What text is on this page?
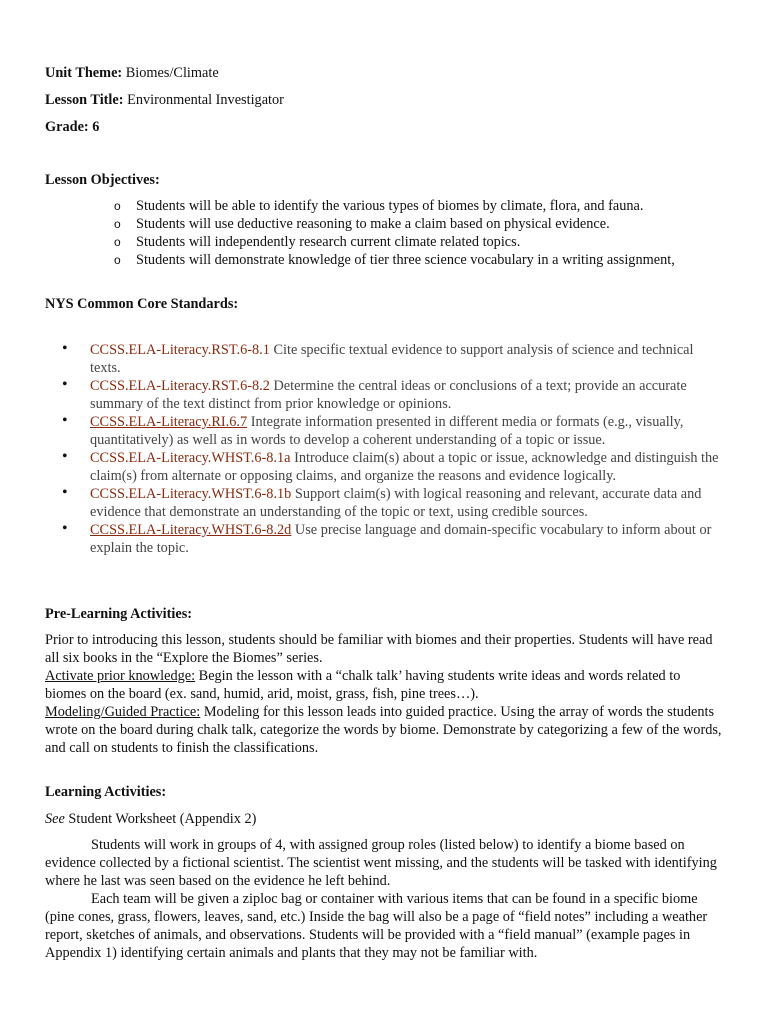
Unit Theme: Biomes/Climate
Lesson Title: Environmental Investigator
Grade: 6
Lesson Objectives:
o Students will be able to identify the various types of biomes by climate, flora, and fauna.
o Students will use deductive reasoning to make a claim based on physical evidence.
o Students will independently research current climate related topics.
o Students will demonstrate knowledge of tier three science vocabulary in a writing assignment,
NYS Common Core Standards:
• CCSS.ELA-Literacy.RST.6-8.1 Cite specific textual evidence to support analysis of science and technical texts.
• CCSS.ELA-Literacy.RST.6-8.2 Determine the central ideas or conclusions of a text; provide an accurate summary of the text distinct from prior knowledge or opinions.
• CCSS.ELA-Literacy.RI.6.7 Integrate information presented in different media or formats (e.g., visually, quantitatively) as well as in words to develop a coherent understanding of a topic or issue.
• CCSS.ELA-Literacy.WHST.6-8.1a Introduce claim(s) about a topic or issue, acknowledge and distinguish the claim(s) from alternate or opposing claims, and organize the reasons and evidence logically.
• CCSS.ELA-Literacy.WHST.6-8.1b Support claim(s) with logical reasoning and relevant, accurate data and evidence that demonstrate an understanding of the topic or text, using credible sources.
• CCSS.ELA-Literacy.WHST.6-8.2d Use precise language and domain-specific vocabulary to inform about or explain the topic.
Pre-Learning Activities:
Prior to introducing this lesson, students should be familiar with biomes and their properties. Students will have read all six books in the “Explore the Biomes” series.
Activate prior knowledge: Begin the lesson with a “chalk talk’ having students write ideas and words related to biomes on the board (ex. sand, humid, arid, moist, grass, fish, pine trees…).
Modeling/Guided Practice: Modeling for this lesson leads into guided practice. Using the array of words the students wrote on the board during chalk talk, categorize the words by biome. Demonstrate by categorizing a few of the words, and call on students to finish the classifications.
Learning Activities:
See Student Worksheet (Appendix 2)
Students will work in groups of 4, with assigned group roles (listed below) to identify a biome based on evidence collected by a fictional scientist. The scientist went missing, and the students will be tasked with identifying where he last was seen based on the evidence he left behind.
Each team will be given a ziploc bag or container with various items that can be found in a specific biome (pine cones, grass, flowers, leaves, sand, etc.) Inside the bag will also be a page of “field notes” including a weather report, sketches of animals, and observations. Students will be provided with a “field manual” (example pages in Appendix 1) identifying certain animals and plants that they may not be familiar with.
